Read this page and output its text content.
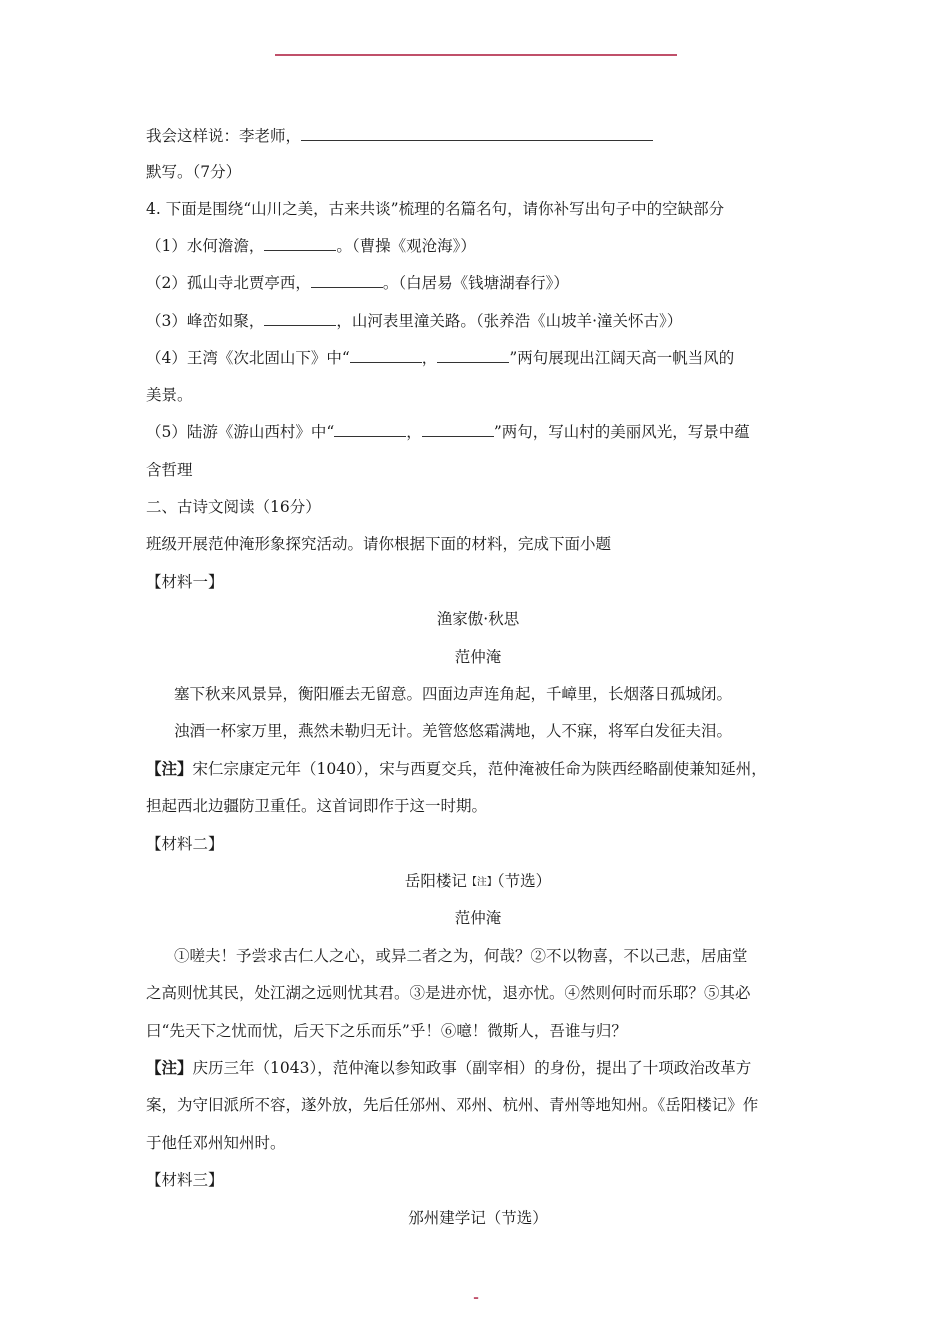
我会这样说：李老师，
默写。（7分）
4. 下面是围绕“山川之美，古来共谈”梳理的名篇名句，请你补写出句子中的空缺部分
（1）水何澹澹，	。（曹操《观沧海》）
（2）孤山寺北贾亭西，	。（白居易《钱塘湖春行》）
（3）峰峦如聚，	，山河表里潼关路。（张养浩《山坡羊·潼关怀古》）
（4）王湾《次北固山下》中“	，	”两句展现出江阔天高一帆当风的
美景。
（5）陆游《游山西村》中“	，	”两句，写山村的美丽风光，写景中蕴
含哲理
二、古诗文阅读（16分）
班级开展范仲淹形象探究活动。请你根据下面的材料，完成下面小题
【材料一】
渔家傲·秋思
范仲淹
塞下秋来风景异，衡阳雁去无留意。四面边声连角起，千嶂里，长烟落日孤城闭。
浊酒一杯家万里，燕然未勒归无计。羌管悠悠霜满地，人不寐，将军白发征夫泪。
【注】宋仁宗康定元年（1040），宋与西夏交兵，范仲淹被任命为陕西经略副使兼知延州，
担起西北边疆防卫重任。这首词即作于这一时期。
【材料二】
岳阳楼记【注】（节选）
范仲淹
①嗟夫！予尝求古仁人之心，或异二者之为，何哉？②不以物喜，不以己悲，居庙堂
之高则忧其民，处江湖之远则忧其君。③是进亦忧，退亦忧。④然则何时而乐耶？⑤其必
曰“先天下之忧而忧，后天下之乐而乐”乎！⑥噫！微斯人，吾谁与归？
【注】庆历三年（1043），范仲淹以参知政事（副宰相）的身份，提出了十项政治改革方
案，为守旧派所不容，遂外放，先后任邠州、邓州、杭州、青州等地知州。《岳阳楼记》作
于他任邓州知州时。
【材料三】
邠州建学记（节选）
-
